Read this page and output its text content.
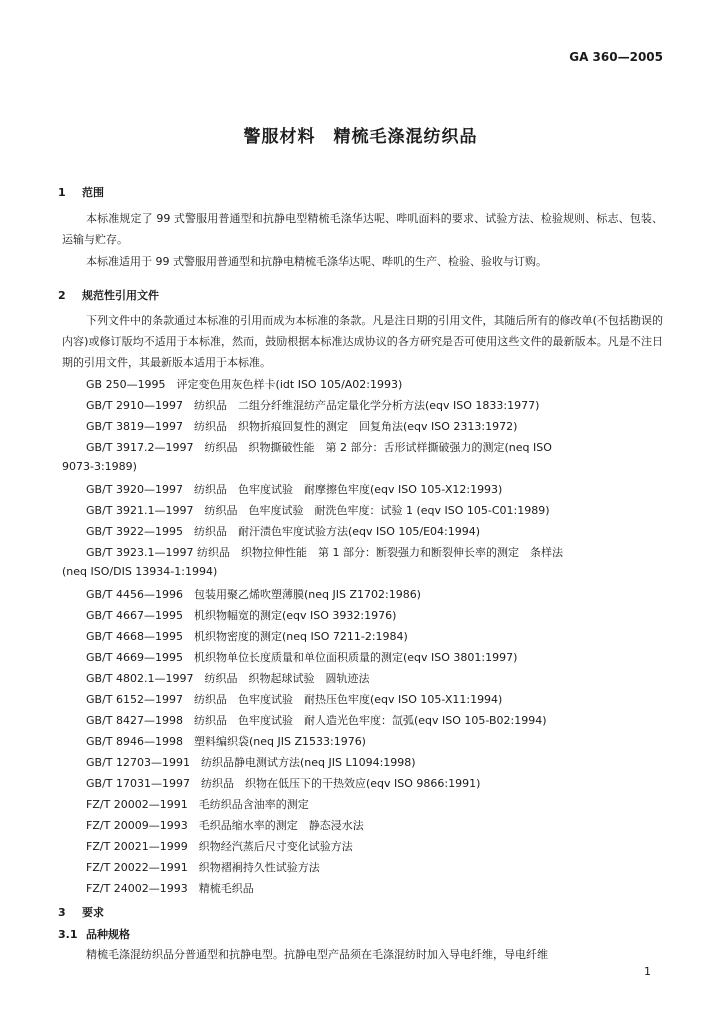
GA 360—2005
警服材料　精梳毛涤混纺织品
1 范围

本标准规定了 99 式警服用普通型和抗静电型精梳毛涤华达呢、哔叽面料的要求、试验方法、检验规则、标志、包装、运输与贮存。

本标准适用于 99 式警服用普通型和抗静电精梳毛涤华达呢、哔叽的生产、检验、验收与订购。

2 规范性引用文件

下列文件中的条款通过本标准的引用而成为本标准的条款。凡是注日期的引用文件，其随后所有的修改单(不包括勘误的内容)或修订版均不适用于本标准，然而，鼓励根据本标准达成协议的各方研究是否可使用这些文件的最新版本。凡是不注日期的引用文件，其最新版本适用于本标准。

GB 250—1995　评定变色用灰色样卡(idt ISO 105/A02:1993)
GB/T 2910—1997　纺织品　二组分纤维混纺产品定量化学分析方法(eqv ISO 1833:1977)
GB/T 3819—1997　纺织品　织物折痕回复性的测定　回复角法(eqv ISO 2313:1972)
GB/T 3917.2—1997　纺织品　织物撕破性能　第 2 部分：舌形试样撕破强力的测定(neq ISO
9073-3:1989)
GB/T 3920—1997　纺织品　色牢度试验　耐摩擦色牢度(eqv ISO 105-X12:1993)
GB/T 3921.1—1997　纺织品　色牢度试验　耐洗色牢度：试验 1 (eqv ISO 105-C01:1989)
GB/T 3922—1995　纺织品　耐汗渍色牢度试验方法(eqv ISO 105/E04:1994)
GB/T 3923.1—1997 纺织品　织物拉伸性能　第 1 部分：断裂强力和断裂伸长率的测定　条样法
(neq ISO/DIS 13934-1:1994)
GB/T 4456—1996　包装用聚乙烯吹塑薄膜(neq JIS Z1702:1986)
GB/T 4667—1995　机织物幅宽的测定(eqv ISO 3932:1976)
GB/T 4668—1995　机织物密度的测定(neq ISO 7211-2:1984)
GB/T 4669—1995　机织物单位长度质量和单位面积质量的测定(eqv ISO 3801:1997)
GB/T 4802.1—1997　纺织品　织物起球试验　圆轨迹法
GB/T 6152—1997　纺织品　色牢度试验　耐热压色牢度(eqv ISO 105-X11:1994)
GB/T 8427—1998　纺织品　色牢度试验　耐人造光色牢度：氙弧(eqv ISO 105-B02:1994)
GB/T 8946—1998　塑料编织袋(neq JIS Z1533:1976)
GB/T 12703—1991　纺织品静电测试方法(neq JIS L1094:1998)
GB/T 17031—1997　纺织品　织物在低压下的干热效应(eqv ISO 9866:1991)
FZ/T 20002—1991　毛纺织品含油率的测定
FZ/T 20009—1993　毛织品缩水率的测定　静态浸水法
FZ/T 20021—1999　织物经汽蒸后尺寸变化试验方法
FZ/T 20022—1991　织物褶裥持久性试验方法
FZ/T 24002—1993　精梳毛织品
3 要求
3.1 品种规格
精梳毛涤混纺织品分普通型和抗静电型。抗静电型产品须在毛涤混纺时加入导电纤维，导电纤维
1
